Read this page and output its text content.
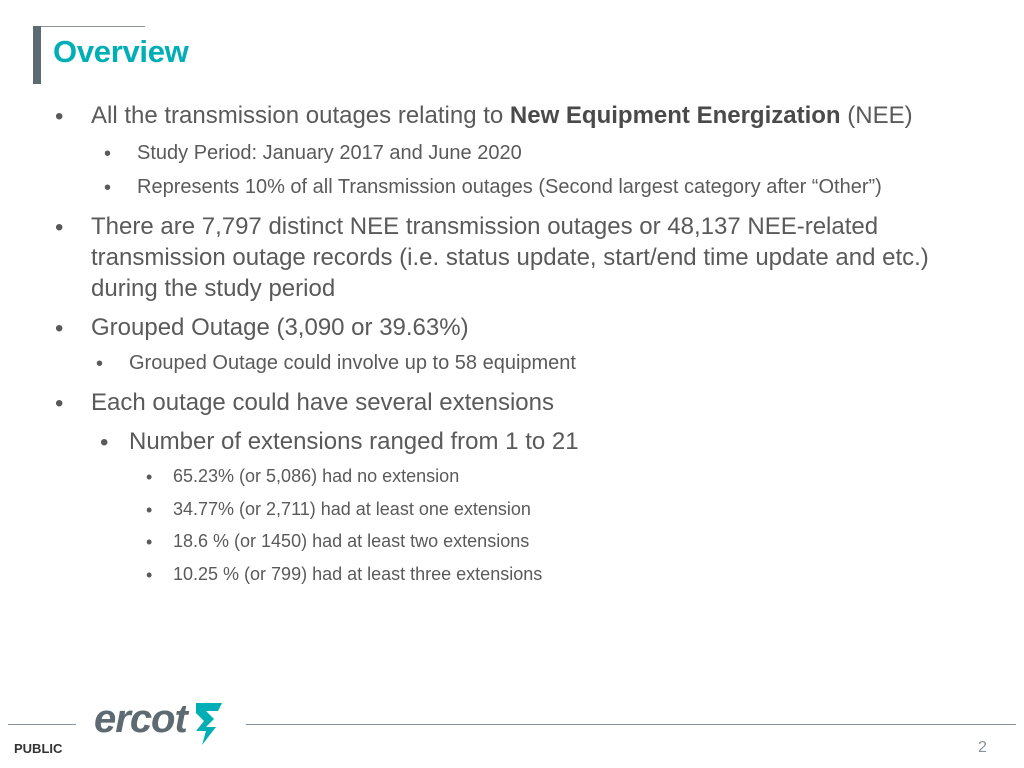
Overview
• All the transmission outages relating to New Equipment Energization (NEE)
• Study Period: January 2017 and June 2020
• Represents 10% of all Transmission outages (Second largest category after “Other”)
• There are 7,797 distinct NEE transmission outages or 48,137 NEE-related
transmission outage records (i.e. status update, start/end time update and etc.)
during the study period
• Grouped Outage (3,090 or 39.63%)
• Grouped Outage could involve up to 58 equipment
• Each outage could have several extensions
• Number of extensions ranged from 1 to 21
• 65.23% (or 5,086) had no extension
• 34.77% (or 2,711) had at least one extension
• 18.6 % (or 1450) had at least two extensions
• 10.25 % (or 799) had at least three extensions
ercot
PUBLIC	2
